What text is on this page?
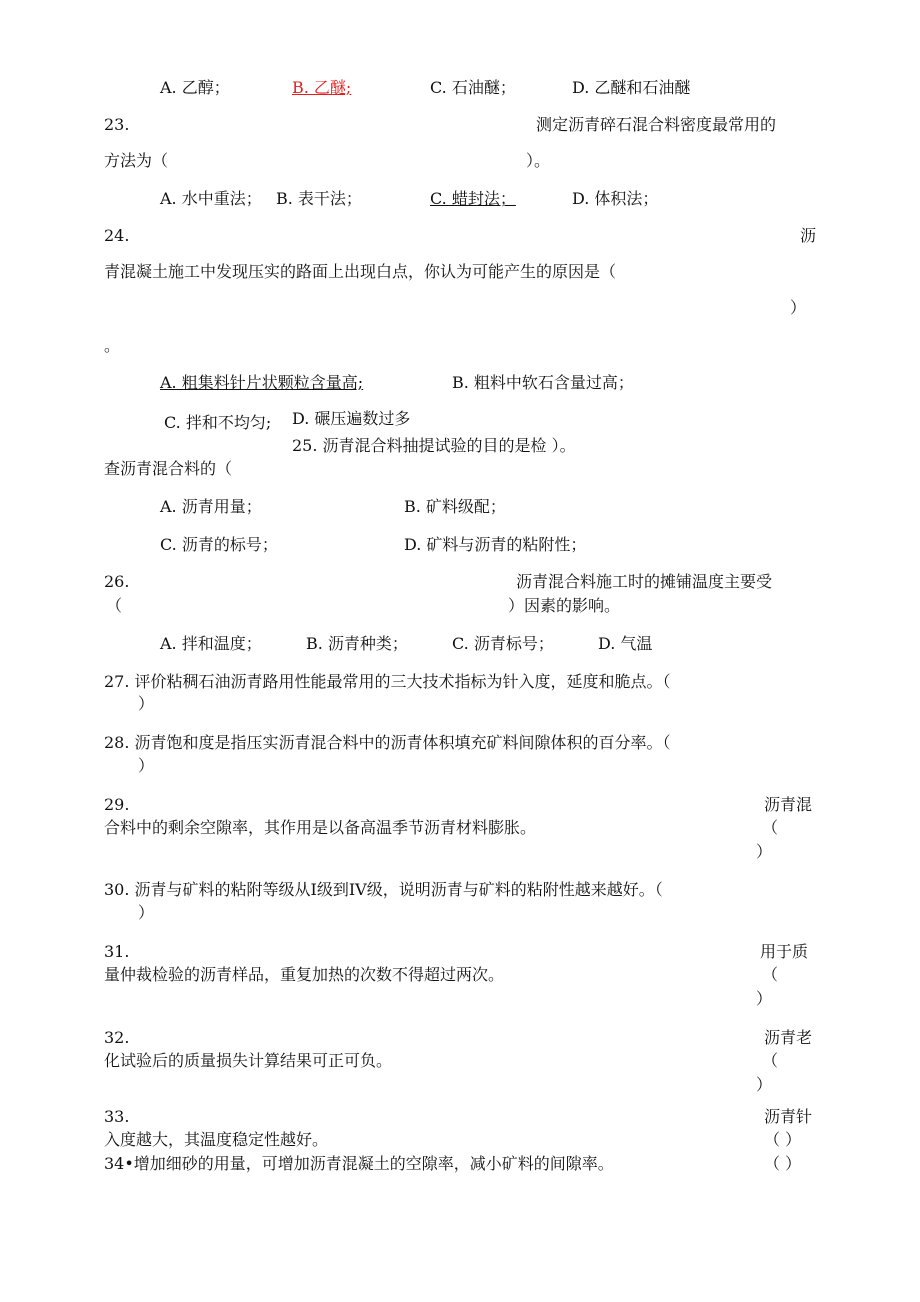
A. 乙醇；	B. 乙醚;	C. 石油醚；	D. 乙醚和石油醚
23.	测定沥青碎石混合料密度最常用的
方法为（	）。
A. 水中重法； B. 表干法；	C. 蜡封法；	D. 体积法；
24.	沥
青混凝土施工中发现压实的路面上出现白点，你认为可能产生的原因是（
）
。
A. 粗集料针片状颗粒含量高;	B. 粗料中软石含量过高；
C. 拌和不均匀; D. 碾压遍数过多
25. 沥青混合料抽提试验的目的是检 ）。
查沥青混合料的（
A. 沥青用量；	B. 矿料级配；
C. 沥青的标号；	D. 矿料与沥青的粘附性；
26.	沥青混合料施工时的摊铺温度主要受
（	）因素的影响。
A. 拌和温度；	B. 沥青种类；	C. 沥青标号；	D. 气温
27. 评价粘稠石油沥青路用性能最常用的三大技术指标为针入度，延度和脆点。（
）
28. 沥青饱和度是指压实沥青混合料中的沥青体积填充矿料间隙体积的百分率。（
）
29.	沥青混
合料中的剩余空隙率，其作用是以备高温季节沥青材料膨胀。	（
）
30. 沥青与矿料的粘附等级从I级到IV级，说明沥青与矿料的粘附性越来越好。（
）
31.	用于质
量仲裁检验的沥青样品，重复加热的次数不得超过两次。	（
）
32.	沥青老
化试验后的质量损失计算结果可正可负。	（
）
33.	沥青针
入度越大，其温度稳定性越好。	（ ）
34•增加细砂的用量，可增加沥青混凝土的空隙率，减小矿料的间隙率。	（ ）
